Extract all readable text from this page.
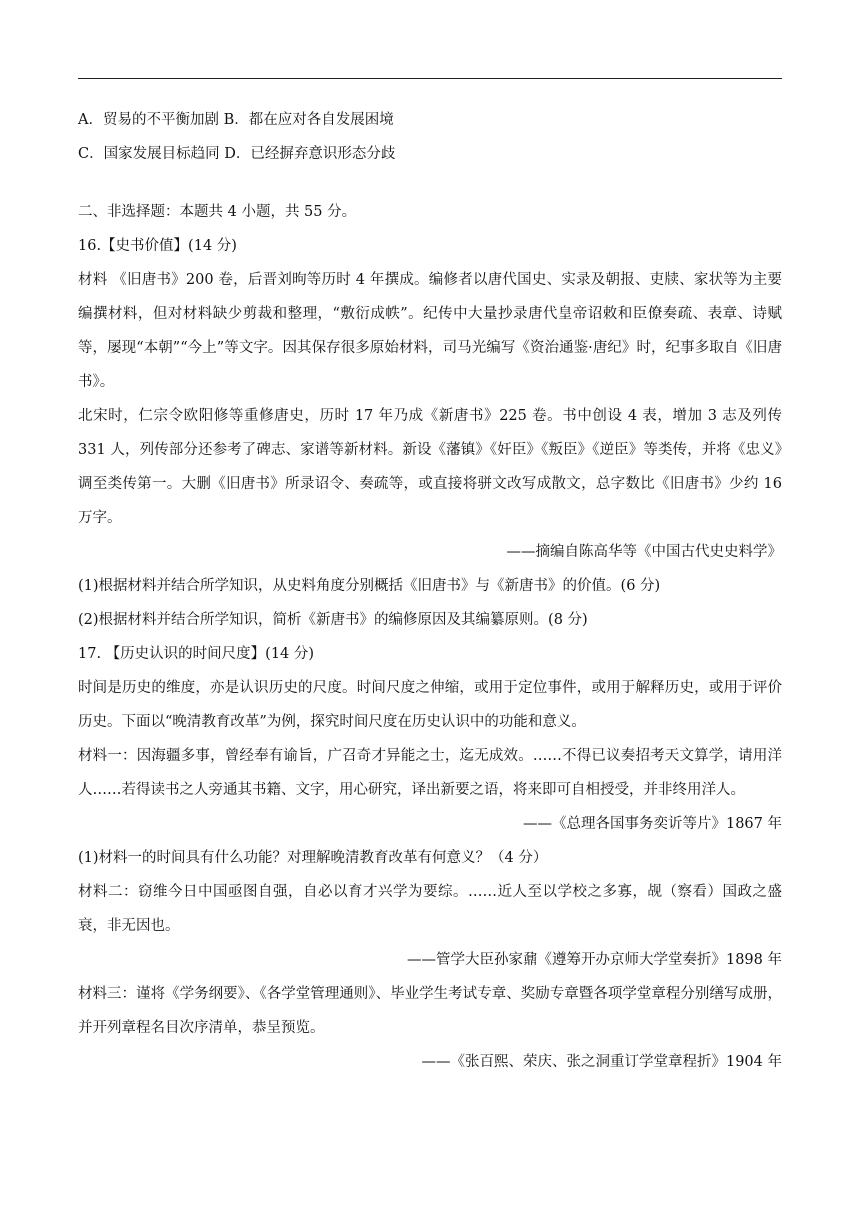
A．贸易的不平衡加剧 B．都在应对各自发展困境

C．国家发展目标趋同 D．已经摒弃意识形态分歧

二、非选择题：本题共 4 小题，共 55 分。

16.【史书价值】(14 分)

材料 《旧唐书》200 卷，后晋刘昫等历时 4 年撰成。编修者以唐代国史、实录及朝报、吏牍、家状等为主要编撰材料，但对材料缺少剪裁和整理，“敷衍成帙”。纪传中大量抄录唐代皇帝诏敕和臣僚奏疏、表章、诗赋等，屡现“本朝”“今上”等文字。因其保存很多原始材料，司马光编写《资治通鉴·唐纪》时，纪事多取自《旧唐书》。

北宋时，仁宗令欧阳修等重修唐史，历时 17 年乃成《新唐书》225 卷。书中创设 4 表，增加 3 志及列传 331 人，列传部分还参考了碑志、家谱等新材料。新设《藩镇》《奸臣》《叛臣》《逆臣》等类传，并将《忠义》调至类传第一。大删《旧唐书》所录诏令、奏疏等，或直接将骈文改写成散文，总字数比《旧唐书》少约 16 万字。

——摘编自陈高华等《中国古代史史料学》

(1)根据材料并结合所学知识，从史料角度分别概括《旧唐书》与《新唐书》的价值。(6 分)

(2)根据材料并结合所学知识，简析《新唐书》的编修原因及其编纂原则。(8 分)

17. 【历史认识的时间尺度】(14 分)

时间是历史的维度，亦是认识历史的尺度。时间尺度之伸缩，或用于定位事件，或用于解释历史，或用于评价历史。下面以“晚清教育改革”为例，探究时间尺度在历史认识中的功能和意义。

材料一：因海疆多事，曾经奉有谕旨，广召奇才异能之士，迄无成效。……不得已议奏招考天文算学，请用洋人……若得读书之人旁通其书籍、文字，用心研究，译出新要之语，将来即可自相授受，并非终用洋人。

——《总理各国事务奕䜣等片》1867 年

(1)材料一的时间具有什么功能？对理解晚清教育改革有何意义？（4 分）

材料二：窃维今日中国亟图自强，自必以育才兴学为要综。……近人至以学校之多寡，觇（察看）国政之盛衰，非无因也。

——管学大臣孙家鼐《遵筹开办京师大学堂奏折》1898 年

材料三：谨将《学务纲要》、《各学堂管理通则》、毕业学生考试专章、奖励专章暨各项学堂章程分别缮写成册，并开列章程名目次序清单，恭呈预览。

——《张百熙、荣庆、张之洞重订学堂章程折》1904 年
